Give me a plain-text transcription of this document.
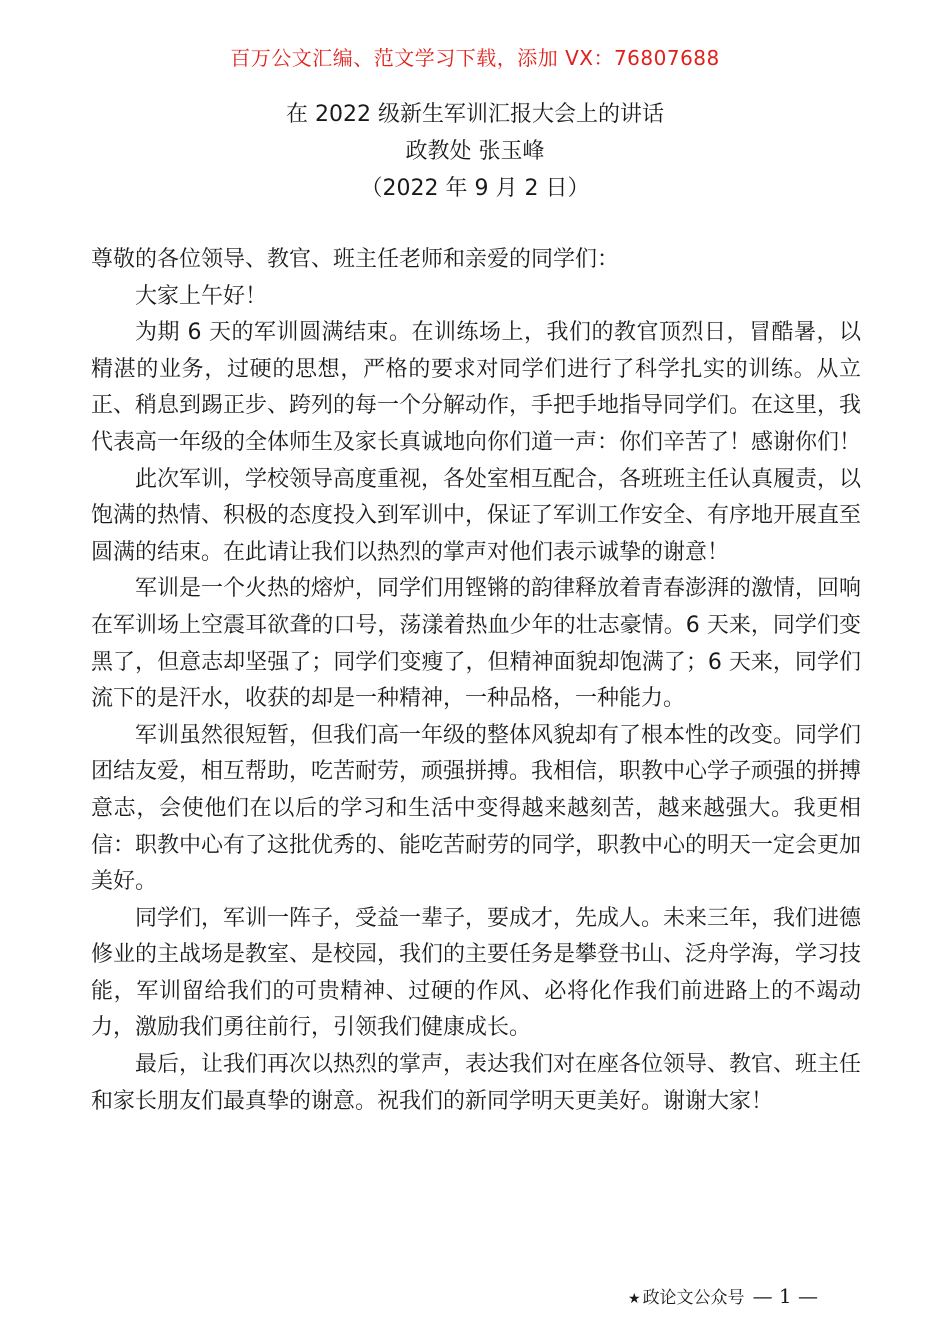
百万公文汇编、范文学习下载，添加 VX：76807688
在 2022 级新生军训汇报大会上的讲话
政教处 张玉峰
（2022 年 9 月 2 日）

尊敬的各位领导、教官、班主任老师和亲爱的同学们：

大家上午好！

为期 6 天的军训圆满结束。在训练场上，我们的教官顶烈日，冒酷暑，以精湛的业务，过硬的思想，严格的要求对同学们进行了科学扎实的训练。从立正、稍息到踢正步、跨列的每一个分解动作，手把手地指导同学们。在这里，我代表高一年级的全体师生及家长真诚地向你们道一声：你们辛苦了！感谢你们！

此次军训，学校领导高度重视，各处室相互配合，各班班主任认真履责，以饱满的热情、积极的态度投入到军训中，保证了军训工作安全、有序地开展直至圆满的结束。在此请让我们以热烈的掌声对他们表示诚挚的谢意！

军训是一个火热的熔炉，同学们用铿锵的韵律释放着青春澎湃的激情，回响在军训场上空震耳欲聋的口号，荡漾着热血少年的壮志豪情。6 天来，同学们变黑了，但意志却坚强了；同学们变瘦了，但精神面貌却饱满了；6 天来，同学们流下的是汗水，收获的却是一种精神，一种品格，一种能力。

军训虽然很短暂，但我们高一年级的整体风貌却有了根本性的改变。同学们团结友爱，相互帮助，吃苦耐劳，顽强拼搏。我相信，职教中心学子顽强的拼搏意志，会使他们在以后的学习和生活中变得越来越刻苦，越来越强大。我更相信：职教中心有了这批优秀的、能吃苦耐劳的同学，职教中心的明天一定会更加美好。

同学们，军训一阵子，受益一辈子，要成才，先成人。未来三年，我们进德修业的主战场是教室、是校园，我们的主要任务是攀登书山、泛舟学海，学习技能，军训留给我们的可贵精神、过硬的作风、必将化作我们前进路上的不竭动力，激励我们勇往前行，引领我们健康成长。

最后，让我们再次以热烈的掌声，表达我们对在座各位领导、教官、班主任和家长朋友们最真挚的谢意。祝我们的新同学明天更美好。谢谢大家！

★ 政论文公众号 — 1 —
